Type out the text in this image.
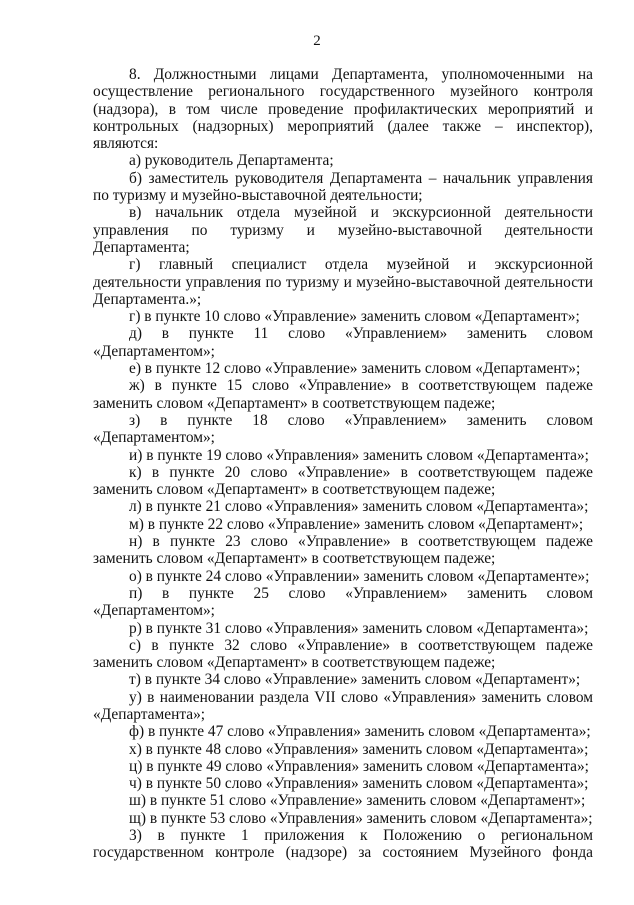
2

8. Должностными лицами Департамента, уполномоченными на осуществление регионального государственного музейного контроля (надзора), в том числе проведение профилактических мероприятий и контрольных (надзорных) мероприятий (далее также – инспектор), являются:

а) руководитель Департамента;

б) заместитель руководителя Департамента – начальник управления по туризму и музейно-выставочной деятельности;

в) начальник отдела музейной и экскурсионной деятельности управления по туризму и музейно-выставочной деятельности Департамента;

г) главный специалист отдела музейной и экскурсионной деятельности управления по туризму и музейно-выставочной деятельности Департамента.»;

г) в пункте 10 слово «Управление» заменить словом «Департамент»;

д) в пункте 11 слово «Управлением» заменить словом «Департаментом»;

е) в пункте 12 слово «Управление» заменить словом «Департамент»;

ж) в пункте 15 слово «Управление» в соответствующем падеже заменить словом «Департамент» в соответствующем падеже;

з) в пункте 18 слово «Управлением» заменить словом «Департаментом»;

и) в пункте 19 слово «Управления» заменить словом «Департамента»;

к) в пункте 20 слово «Управление» в соответствующем падеже заменить словом «Департамент» в соответствующем падеже;

л) в пункте 21 слово «Управления» заменить словом «Департамента»;

м) в пункте 22 слово «Управление» заменить словом «Департамент»;

н) в пункте 23 слово «Управление» в соответствующем падеже заменить словом «Департамент» в соответствующем падеже;

о) в пункте 24 слово «Управлении» заменить словом «Департаменте»;

п) в пункте 25 слово «Управлением» заменить словом «Департаментом»;

р) в пункте 31 слово «Управления» заменить словом «Департамента»;

с) в пункте 32 слово «Управление» в соответствующем падеже заменить словом «Департамент» в соответствующем падеже;

т) в пункте 34 слово «Управление» заменить словом «Департамент»;

у) в наименовании раздела VII слово «Управления» заменить словом «Департамента»;

ф) в пункте 47 слово «Управления» заменить словом «Департамента»;

х) в пункте 48 слово «Управления» заменить словом «Департамента»;

ц) в пункте 49 слово «Управления» заменить словом «Департамента»;

ч) в пункте 50 слово «Управления» заменить словом «Департамента»;

ш) в пункте 51 слово «Управление» заменить словом «Департамент»;

щ) в пункте 53 слово «Управления» заменить словом «Департамента»;

3) в пункте 1 приложения к Положению о региональном государственном контроле (надзоре) за состоянием Музейного фонда
